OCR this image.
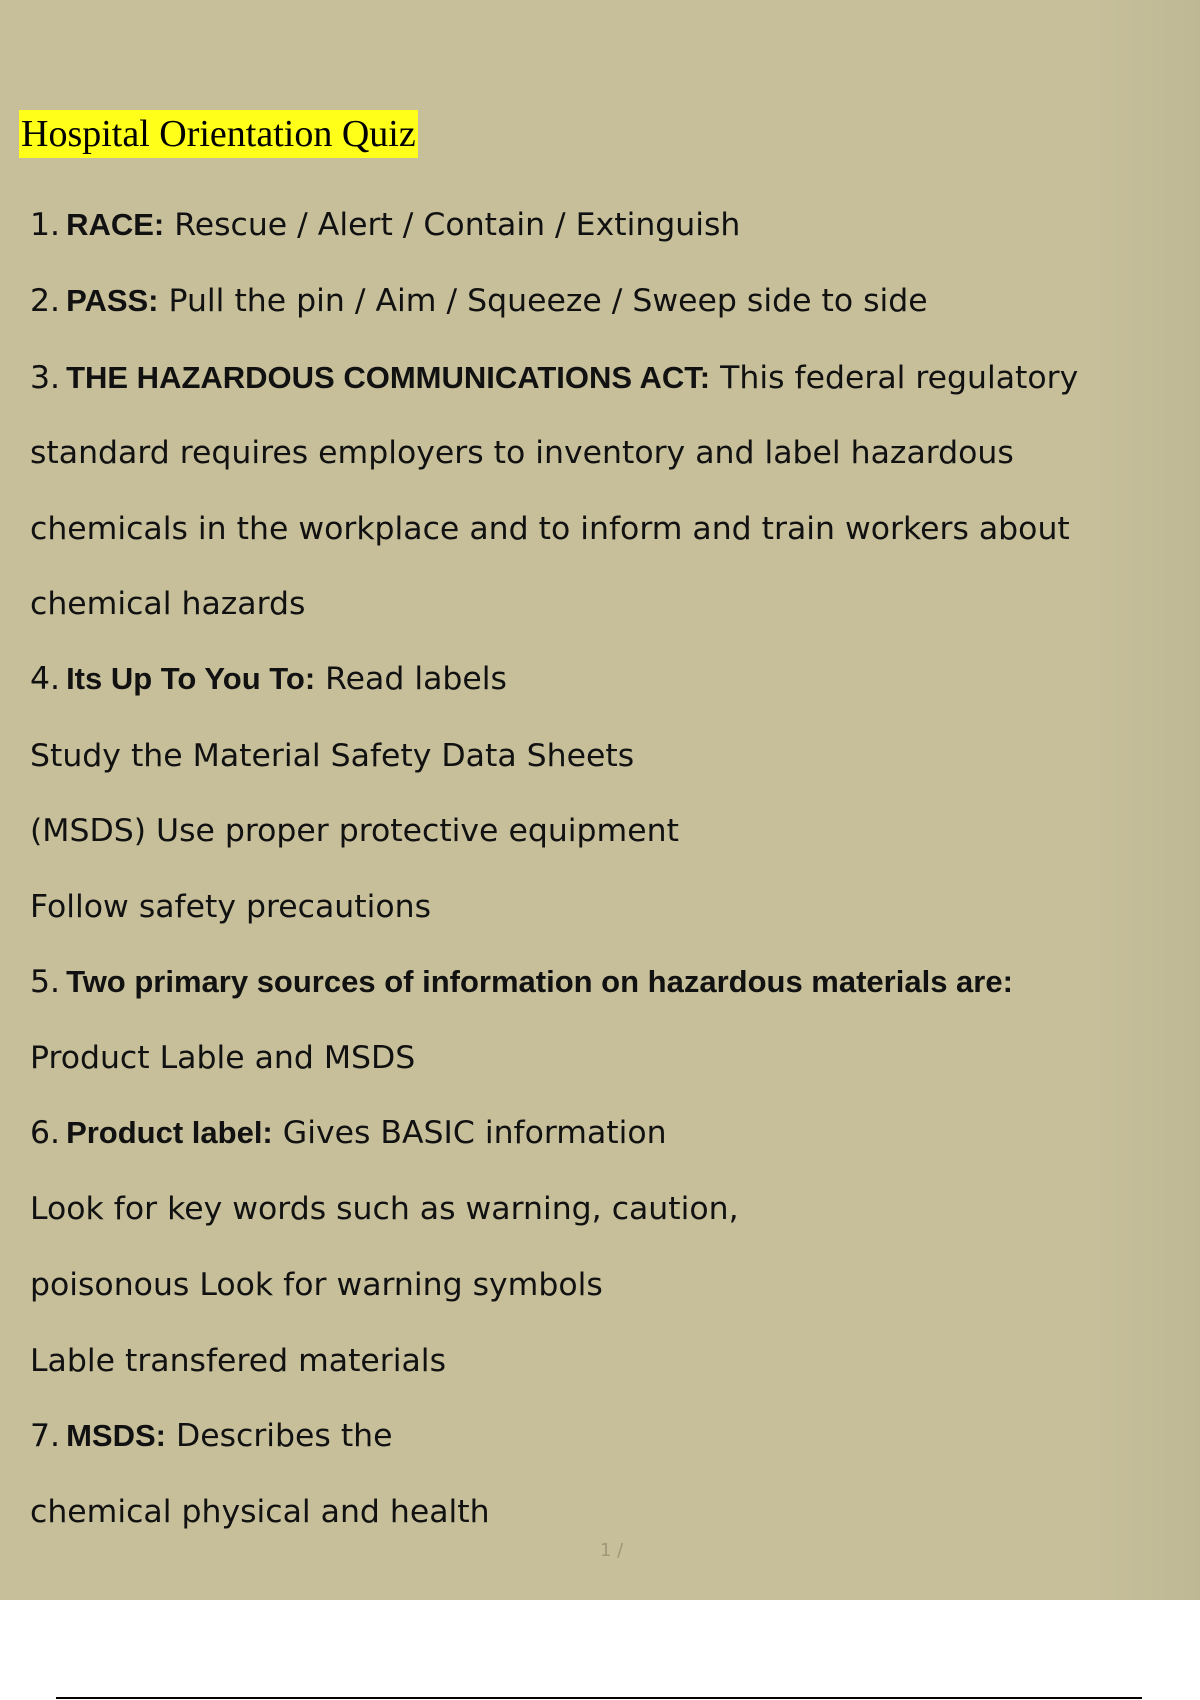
Hospital Orientation Quiz
1. RACE: Rescue / Alert / Contain / Extinguish
2. PASS: Pull the pin / Aim / Squeeze / Sweep side to side
3. THE HAZARDOUS COMMUNICATIONS ACT: This federal regulatory
standard requires employers to inventory and label hazardous
chemicals in the workplace and to inform and train workers about
chemical hazards
4. Its Up To You To: Read labels
Study the Material Safety Data Sheets
(MSDS) Use proper protective equipment
Follow safety precautions
5. Two primary sources of information on hazardous materials are:
Product Lable and MSDS
6. Product label: Gives BASIC information
Look for key words such as warning, caution,
poisonous Look for warning symbols
Lable transfered materials
7. MSDS: Describes the
chemical physical and health
1 /
